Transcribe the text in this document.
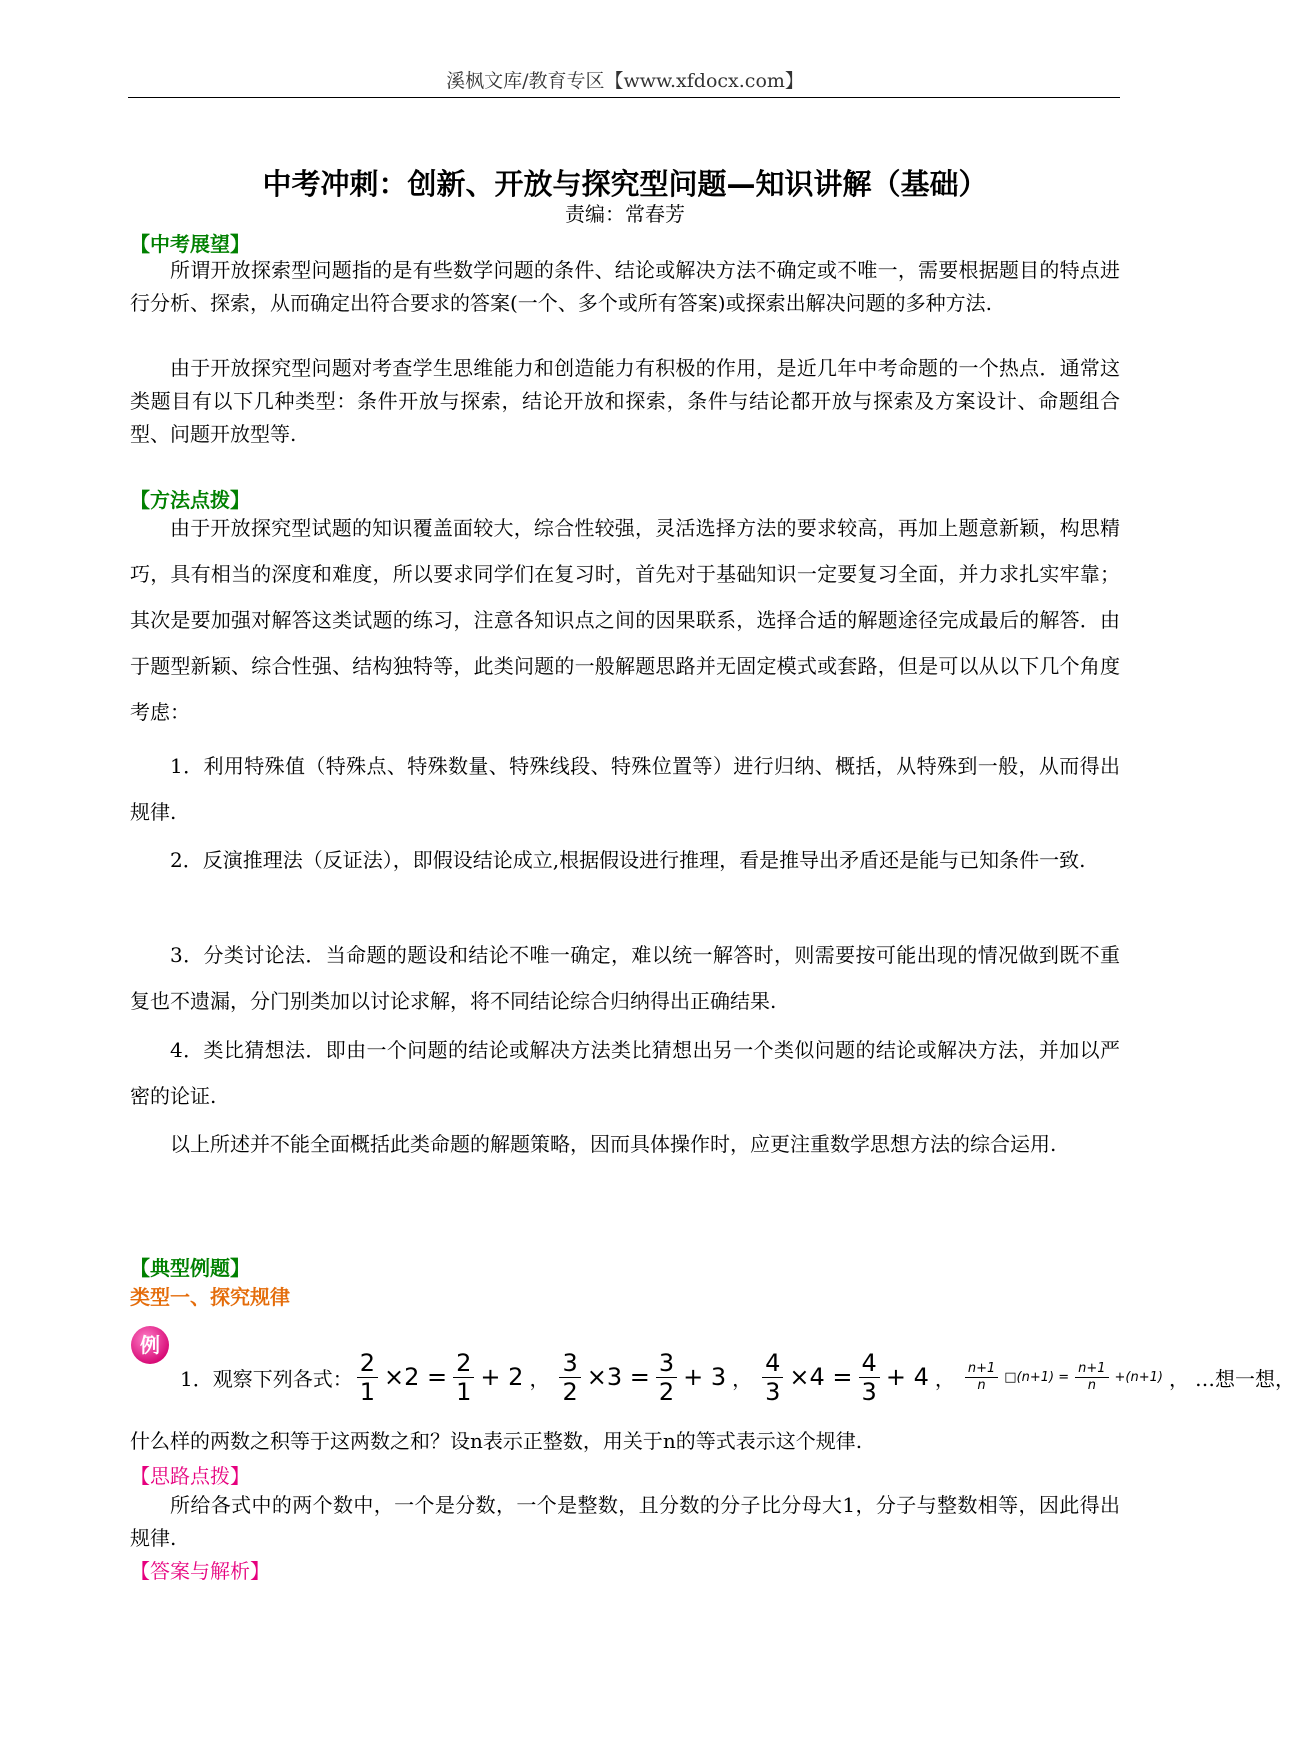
溪枫文库/教育专区【www.xfdocx.com】
中考冲刺：创新、开放与探究型问题—知识讲解（基础）
责编：常春芳
【中考展望】

所谓开放探索型问题指的是有些数学问题的条件、结论或解决方法不确定或不唯一，需要根据题目的特点进行分析、探索，从而确定出符合要求的答案(一个、多个或所有答案)或探索出解决问题的多种方法.

由于开放探究型问题对考查学生思维能力和创造能力有积极的作用，是近几年中考命题的一个热点．通常这类题目有以下几种类型：条件开放与探索，结论开放和探索，条件与结论都开放与探索及方案设计、命题组合型、问题开放型等.

【方法点拨】

由于开放探究型试题的知识覆盖面较大，综合性较强，灵活选择方法的要求较高，再加上题意新颖，构思精巧，具有相当的深度和难度，所以要求同学们在复习时，首先对于基础知识一定要复习全面，并力求扎实牢靠；其次是要加强对解答这类试题的练习，注意各知识点之间的因果联系，选择合适的解题途径完成最后的解答．由于题型新颖、综合性强、结构独特等，此类问题的一般解题思路并无固定模式或套路，但是可以从以下几个角度考虑：

1．利用特殊值（特殊点、特殊数量、特殊线段、特殊位置等）进行归纳、概括，从特殊到一般，从而得出规律.

2．反演推理法（反证法），即假设结论成立,根据假设进行推理，看是推导出矛盾还是能与已知条件一致.

3．分类讨论法．当命题的题设和结论不唯一确定，难以统一解答时，则需要按可能出现的情况做到既不重复也不遗漏，分门别类加以讨论求解，将不同结论综合归纳得出正确结果.

4．类比猜想法．即由一个问题的结论或解决方法类比猜想出另一个类似问题的结论或解决方法，并加以严密的论证.

以上所述并不能全面概括此类命题的解题策略，因而具体操作时，应更注重数学思想方法的综合运用.

【典型例题】
类型一、探究规律
例
1．观察下列各式： $\frac{2}{1} \times 2 = \frac{2}{1} + 2$ ， $\frac{3}{2} \times 3 = \frac{3}{2} + 3$ ， $\frac{4}{3} \times 4 = \frac{4}{3} + 4$ ， $\frac{n+1}{n}$ □(n+1) = $\frac{n+1}{n} +(n+1)$ ， …想一想，

什么样的两数之积等于这两数之和？设n表示正整数，用关于n的等式表示这个规律.

【思路点拨】

所给各式中的两个数中，一个是分数，一个是整数，且分数的分子比分母大1，分子与整数相等，因此得出规律.

【答案与解析】
